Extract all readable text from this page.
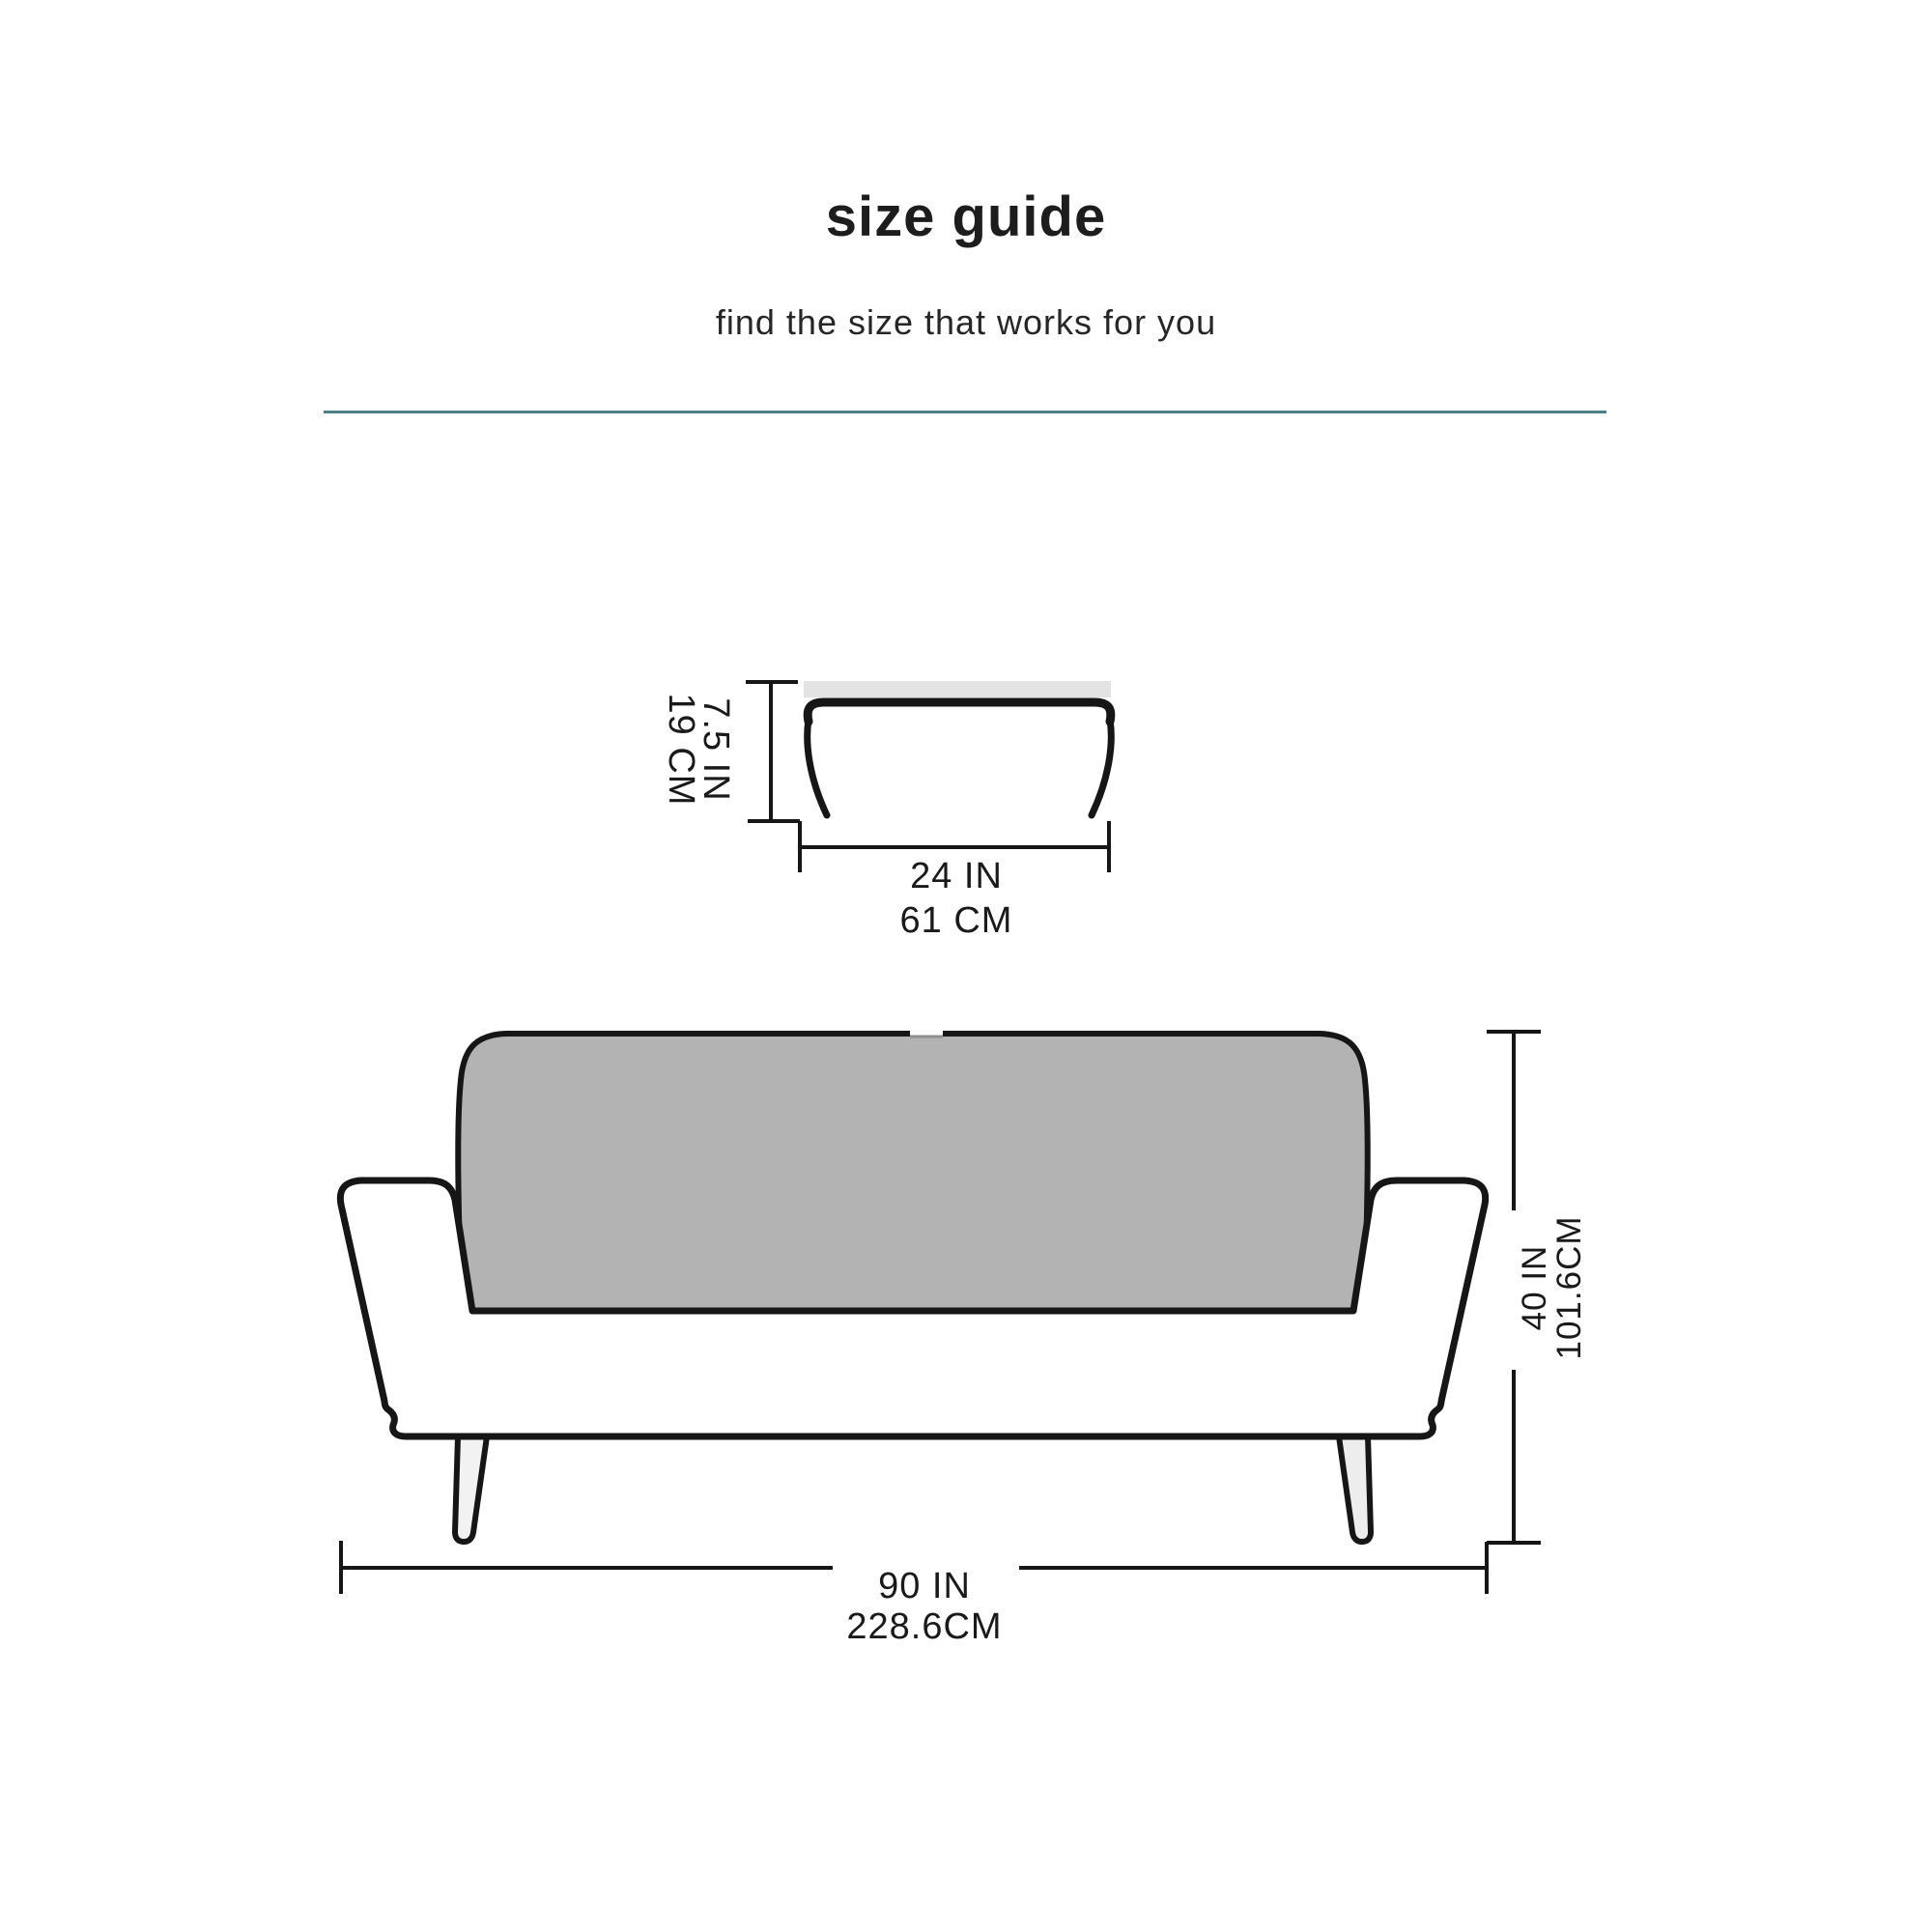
size guide
find the size that works for you
7.5 IN
19 CM
24 IN
61 CM
40 IN
101.6CM
90 IN
228.6CM
